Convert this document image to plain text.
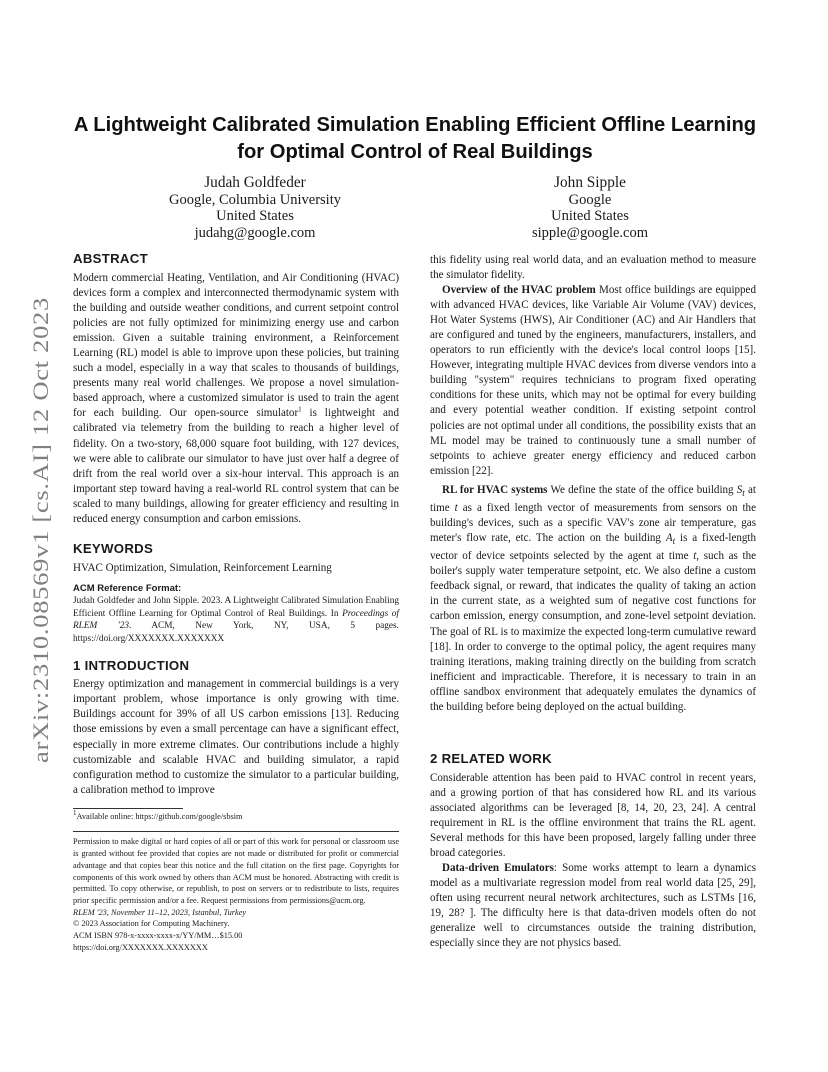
arXiv:2310.08569v1 [cs.AI] 12 Oct 2023
A Lightweight Calibrated Simulation Enabling Efficient Offline Learning for Optimal Control of Real Buildings
Judah Goldfeder
Google, Columbia University
United States
judahg@google.com
John Sipple
Google
United States
sipple@google.com
ABSTRACT

Modern commercial Heating, Ventilation, and Air Conditioning (HVAC) devices form a complex and interconnected thermodynamic system with the building and outside weather conditions, and current setpoint control policies are not fully optimized for minimizing energy use and carbon emission. Given a suitable training environment, a Reinforcement Learning (RL) model is able to improve upon these policies, but training such a model, especially in a way that scales to thousands of buildings, presents many real world challenges. We propose a novel simulation-based approach, where a customized simulator is used to train the agent for each building. Our open-source simulator$^1$ is lightweight and calibrated via telemetry from the building to reach a higher level of fidelity. On a two-story, 68,000 square foot building, with 127 devices, we were able to calibrate our simulator to have just over half a degree of drift from the real world over a six-hour interval. This approach is an important step toward having a real-world RL control system that can be scaled to many buildings, allowing for greater efficiency and resulting in reduced energy consumption and carbon emissions.

KEYWORDS

HVAC Optimization, Simulation, Reinforcement Learning

ACM Reference Format:
Judah Goldfeder and John Sipple. 2023. A Lightweight Calibrated Simulation Enabling Efficient Offline Learning for Optimal Control of Real Buildings. In Proceedings of RLEM '23. ACM, New York, NY, USA, 5 pages. https://doi.org/XXXXXXX.XXXXXXX
1 INTRODUCTION

Energy optimization and management in commercial buildings is a very important problem, whose importance is only growing with time. Buildings account for 39% of all US carbon emissions [13]. Reducing those emissions by even a small percentage can have a significant effect, especially in more extreme climates. Our contributions include a highly customizable and scalable HVAC and building simulator, a rapid configuration method to customize the simulator to a particular building, a calibration method to improve

$^1$Available online: https://github.com/google/sbsim
Permission to make digital or hard copies of all or part of this work for personal or classroom use is granted without fee provided that copies are not made or distributed for profit or commercial advantage and that copies bear this notice and the full citation on the first page. Copyrights for components of this work owned by others than ACM must be honored. Abstracting with credit is permitted. To copy otherwise, or republish, to post on servers or to redistribute to lists, requires prior specific permission and/or a fee. Request permissions from permissions@acm.org.
RLEM '23, November 11–12, 2023, Istanbul, Turkey
© 2023 Association for Computing Machinery.
ACM ISBN 978-x-xxxx-xxxx-x/YY/MM…$15.00
https://doi.org/XXXXXXX.XXXXXXX

this fidelity using real world data, and an evaluation method to measure the simulator fidelity.

Overview of the HVAC problem Most office buildings are equipped with advanced HVAC devices, like Variable Air Volume (VAV) devices, Hot Water Systems (HWS), Air Conditioner (AC) and Air Handlers that are configured and tuned by the engineers, manufacturers, installers, and operators to run efficiently with the device's local control loops [15]. However, integrating multiple HVAC devices from diverse vendors into a building "system" requires technicians to program fixed operating conditions for these units, which may not be optimal for every building and every potential weather condition. If existing setpoint control policies are not optimal under all conditions, the possibility exists that an ML model may be trained to continuously tune a small number of setpoints to achieve greater energy efficiency and reduced carbon emission [22].

RL for HVAC systems We define the state of the office building $S_t$ at time t as a fixed length vector of measurements from sensors on the building's devices, such as a specific VAV's zone air temperature, gas meter's flow rate, etc. The action on the building $A_t$ is a fixed-length vector of device setpoints selected by the agent at time t, such as the boiler's supply water temperature setpoint, etc. We also define a custom feedback signal, or reward, that indicates the quality of taking an action in the current state, as a weighted sum of negative cost functions for carbon emission, energy consumption, and zone-level setpoint deviation. The goal of RL is to maximize the expected long-term cumulative reward [18]. In order to converge to the optimal policy, the agent requires many training iterations, making training directly on the building from scratch inefficient and impracticable. Therefore, it is necessary to train in an offline sandbox environment that adequately emulates the dynamics of the building before being deployed on the actual building.

2 RELATED WORK

Considerable attention has been paid to HVAC control in recent years, and a growing portion of that has considered how RL and its various associated algorithms can be leveraged [8, 14, 20, 23, 24]. A central requirement in RL is the offline environment that trains the RL agent. Several methods for this have been proposed, largely falling under three broad categories.

Data-driven Emulators: Some works attempt to learn a dynamics model as a multivariate regression model from real world data [25, 29], often using recurrent neural network architectures, such as LSTMs [16, 19, 28? ]. The difficulty here is that data-driven models often do not generalize well to circumstances outside the training distribution, especially since they are not physics based.
